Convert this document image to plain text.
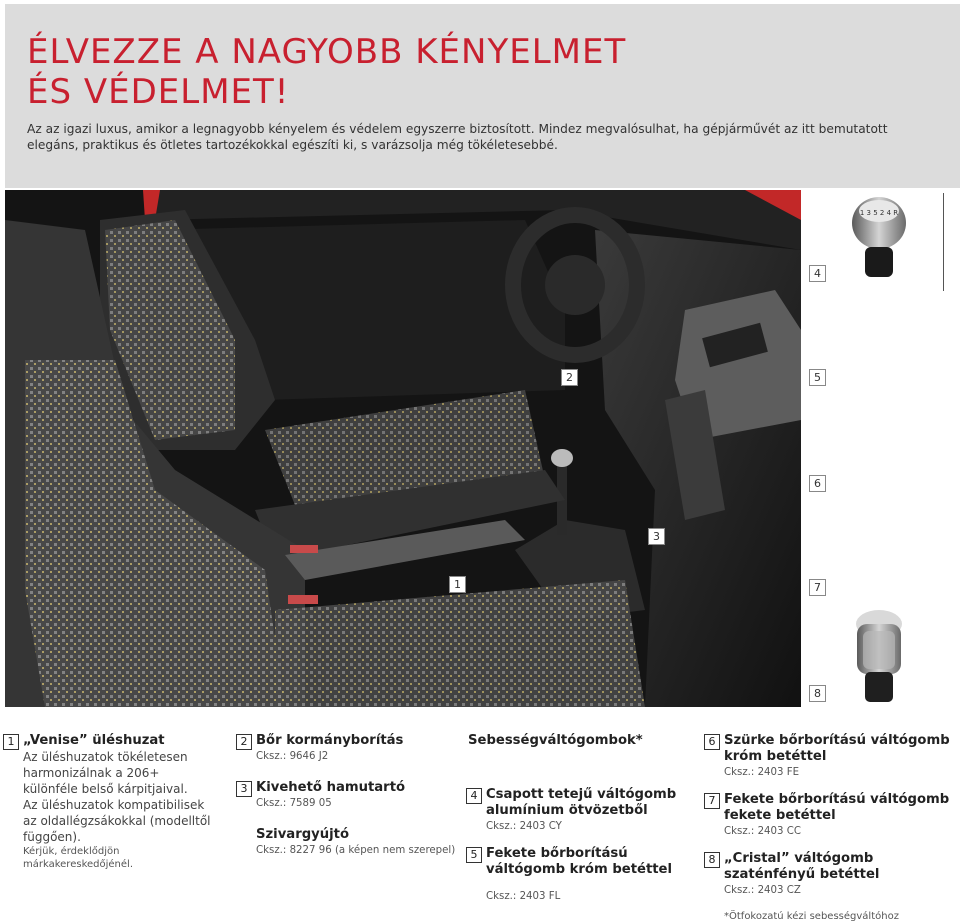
ÉLVEZZE A NAGYOBB KÉNYELMET
ÉS VÉDELMET!

Az az igazi luxus, amikor a legnagyobb kényelem és védelem egyszerre biztosított. Mindez megvalósulhat, ha gépjárművét az itt bemutatott elegáns, praktikus és ötletes tartozékokkal egészíti ki, s varázsolja még tökéletesebbé.

1
2
3
4
5
6
7
8
1 3 5 2 4 R
1 „Venise” üléshuzat

Az üléshuzatok tökéletesen harmonizálnak a 206+ különféle belső kárpitjaival.

Az üléshuzatok kompatibilisek az oldallégzsákokkal (modelltől függően).

Kérjük, érdeklődjön márkakereskedőjénél.

2 Bőr kormányborítás

Cksz.: 9646 J2

3 Kivehető hamutartó

Cksz.: 7589 05

Szivargyújtó

Cksz.: 8227 96 (a képen nem szerepel)

Sebességváltógombok*

4 Csapott tetejű váltógomb alumínium ötvözetből

Cksz.: 2403 CY

5 Fekete bőrborítású váltógomb króm betéttel

Cksz.: 2403 FL

6 Szürke bőrborítású váltógomb króm betéttel

Cksz.: 2403 FE

7 Fekete bőrborítású váltógomb fekete betéttel

Cksz.: 2403 CC

8 „Cristal” váltógomb szaténfényű betéttel

Cksz.: 2403 CZ

*Ötfokozatú kézi sebességváltóhoz
